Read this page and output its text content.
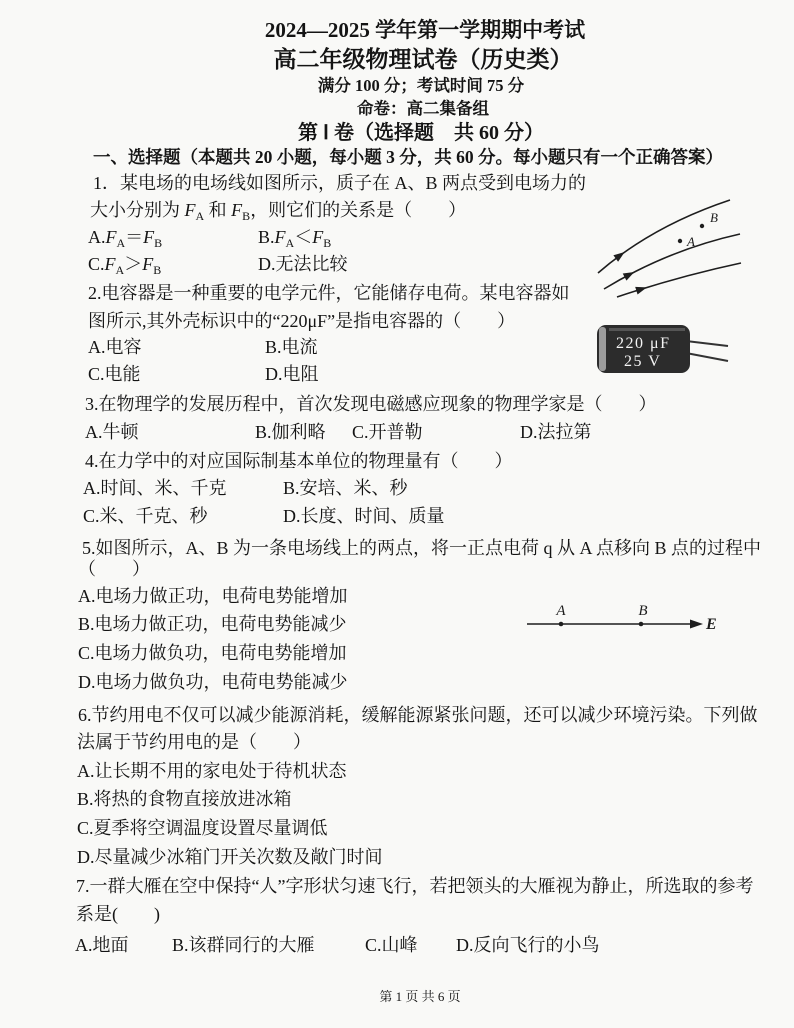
2024—2025 学年第一学期期中考试
高二年级物理试卷（历史类）
满分 100 分；考试时间 75 分
命卷：高二集备组
第 Ⅰ 卷（选择题　共 60 分）
一、选择题（本题共 20 小题，每小题 3 分，共 60 分。每小题只有一个正确答案）
1．某电场的电场线如图所示，质子在 A、B 两点受到电场力的
大小分别为 $F_A$ 和 $F_B$，则它们的关系是（　　）
$A.F_A=F_B$	$B.F_A<F_B$
$C.F_A>F_B$	D.无法比较
A
B
2.电容器是一种重要的电学元件，它能储存电荷。某电容器如
图所示,其外壳标识中的“220μF”是指电容器的（　　）
A.电容	B.电流
C.电能	D.电阻
220 μF
25 V
3.在物理学的发展历程中，首次发现电磁感应现象的物理学家是（　　）
A.牛顿	B.伽利略 C.开普勒	D.法拉第
4.在力学中的对应国际制基本单位的物理量有（　　）
A.时间、米、千克	B.安培、米、秒
C.米、千克、秒	D.长度、时间、质量
5.如图所示，A、B 为一条电场线上的两点，将一正点电荷 q 从 A 点移向 B 点的过程中
（　　）
A.电场力做正功，电荷电势能增加
B.电场力做正功，电荷电势能减少
C.电场力做负功，电荷电势能增加
D.电场力做负功，电荷电势能减少
A	B
E
6.节约用电不仅可以减少能源消耗，缓解能源紧张问题，还可以减少环境污染。下列做
法属于节约用电的是（　　）
A.让长期不用的家电处于待机状态
B.将热的食物直接放进冰箱
C.夏季将空调温度设置尽量调低
D.尽量减少冰箱门开关次数及敞门时间
7.一群大雁在空中保持“人”字形状匀速飞行，若把领头的大雁视为静止，所选取的参考
系是(　　)
A.地面 B.该群同行的大雁	C.山峰 D.反向飞行的小鸟
第 1 页 共 6 页
